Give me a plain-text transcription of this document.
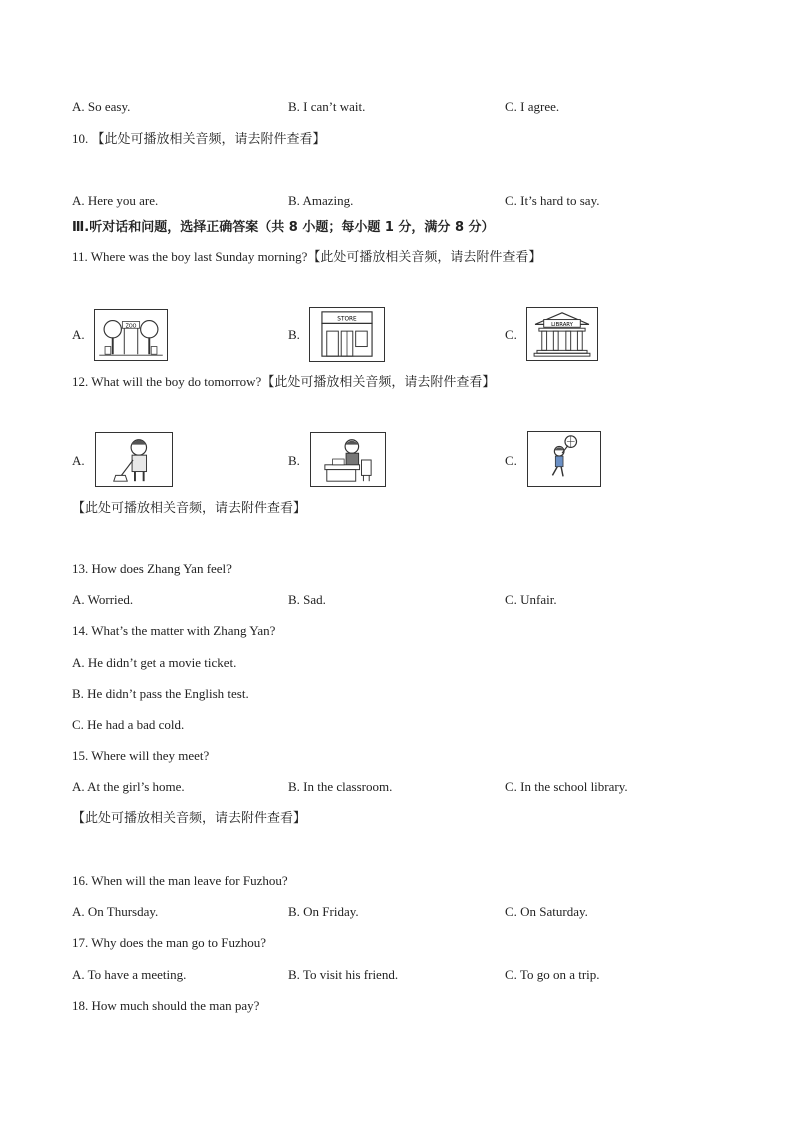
A. So easy.	B. I can’t wait.	C. I agree.
10. 【此处可播放相关音频，请去附件查看】
A. Here you are.	B. Amazing.	C. It’s hard to say.
Ⅲ.听对话和问题，选择正确答案（共 8 小题；每小题 1 分，满分 8 分）
11. Where was the boy last Sunday morning?【此处可播放相关音频，请去附件查看】
A.
ZOO
B.
STORE
C.
LIBRARY
12. What will the boy do tomorrow?【此处可播放相关音频，请去附件查看】
A.	B.	C.
【此处可播放相关音频，请去附件查看】
13. How does Zhang Yan feel?
A. Worried.	B. Sad.	C. Unfair.
14. What’s the matter with Zhang Yan?
A. He didn’t get a movie ticket.
B. He didn’t pass the English test.
C. He had a bad cold.
15. Where will they meet?
A. At the girl’s home.	B. In the classroom.	C. In the school library.
【此处可播放相关音频，请去附件查看】
16. When will the man leave for Fuzhou?
A. On Thursday.	B. On Friday.	C. On Saturday.
17. Why does the man go to Fuzhou?
A. To have a meeting.	B. To visit his friend.	C. To go on a trip.
18. How much should the man pay?
